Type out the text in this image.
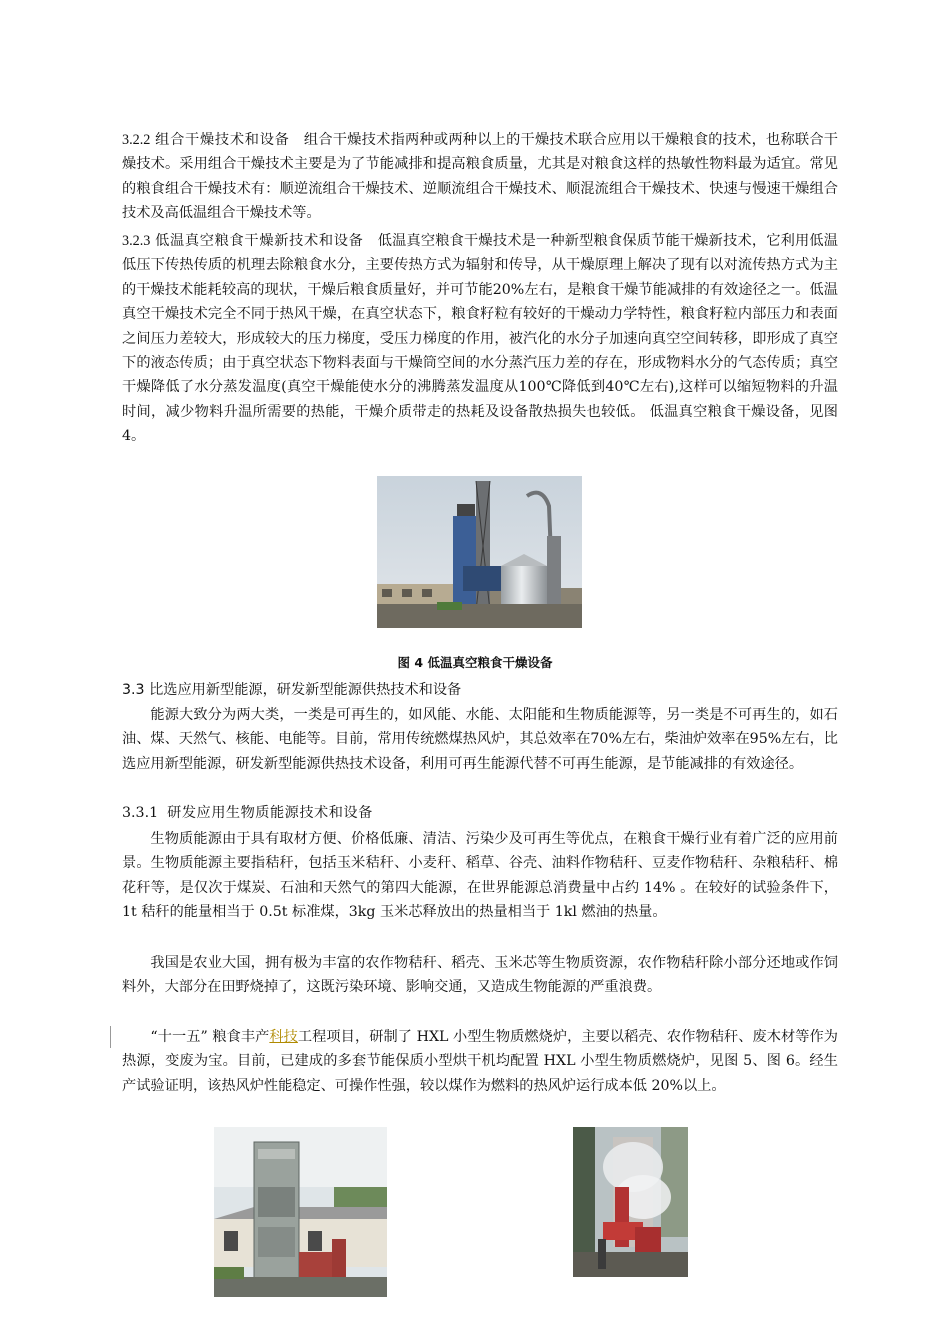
3.2.2 组合干燥技术和设备 组合干燥技术指两种或两种以上的干燥技术联合应用以干燥粮食的技术，也称联合干燥技术。采用组合干燥技术主要是为了节能减排和提高粮食质量，尤其是对粮食这样的热敏性物料最为适宜。常见的粮食组合干燥技术有：顺逆流组合干燥技术、逆顺流组合干燥技术、顺混流组合干燥技术、快速与慢速干燥组合技术及高低温组合干燥技术等。

3.2.3 低温真空粮食干燥新技术和设备 低温真空粮食干燥技术是一种新型粮食保质节能干燥新技术，它利用低温低压下传热传质的机理去除粮食水分，主要传热方式为辐射和传导，从干燥原理上解决了现有以对流传热方式为主的干燥技术能耗较高的现状，干燥后粮食质量好，并可节能20%左右，是粮食干燥节能减排的有效途径之一。低温真空干燥技术完全不同于热风干燥，在真空状态下，粮食籽粒有较好的干燥动力学特性，粮食籽粒内部压力和表面之间压力差较大，形成较大的压力梯度，受压力梯度的作用，被汽化的水分子加速向真空空间转移，即形成了真空下的液态传质；由于真空状态下物料表面与干燥筒空间的水分蒸汽压力差的存在，形成物料水分的气态传质；真空干燥降低了水分蒸发温度(真空干燥能使水分的沸腾蒸发温度从100℃降低到40℃左右),这样可以缩短物料的升温时间，减少物料升温所需要的热能，干燥介质带走的热耗及设备散热损失也较低。 低温真空粮食干燥设备，见图4。

图 4 低温真空粮食干燥设备

3.3 比选应用新型能源，研发新型能源供热技术和设备

能源大致分为两大类，一类是可再生的，如风能、水能、太阳能和生物质能源等，另一类是不可再生的，如石油、煤、天然气、核能、电能等。目前，常用传统燃煤热风炉，其总效率在70%左右，柴油炉效率在95%左右，比选应用新型能源，研发新型能源供热技术设备，利用可再生能源代替不可再生能源，是节能减排的有效途径。

3.3.1 研发应用生物质能源技术和设备

生物质能源由于具有取材方便、价格低廉、清洁、污染少及可再生等优点，在粮食干燥行业有着广泛的应用前景。生物质能源主要指秸秆，包括玉米秸秆、小麦秆、稻草、谷壳、油料作物秸秆、豆麦作物秸秆、杂粮秸秆、棉花秆等，是仅次于煤炭、石油和天然气的第四大能源，在世界能源总消费量中占约 14% 。在较好的试验条件下，1t 秸秆的能量相当于 0.5t 标准煤，3kg 玉米芯释放出的热量相当于 1kl 燃油的热量。

我国是农业大国，拥有极为丰富的农作物秸秆、稻壳、玉米芯等生物质资源，农作物秸秆除小部分还地或作饲料外，大部分在田野烧掉了，这既污染环境、影响交通，又造成生物能源的严重浪费。

“十一五” 粮食丰产科技工程项目，研制了 HXL 小型生物质燃烧炉，主要以稻壳、农作物秸秆、废木材等作为热源，变废为宝。目前，已建成的多套节能保质小型烘干机均配置 HXL 小型生物质燃烧炉，见图 5、图 6。经生产试验证明，该热风炉性能稳定、可操作性强，较以煤作为燃料的热风炉运行成本低 20%以上。
